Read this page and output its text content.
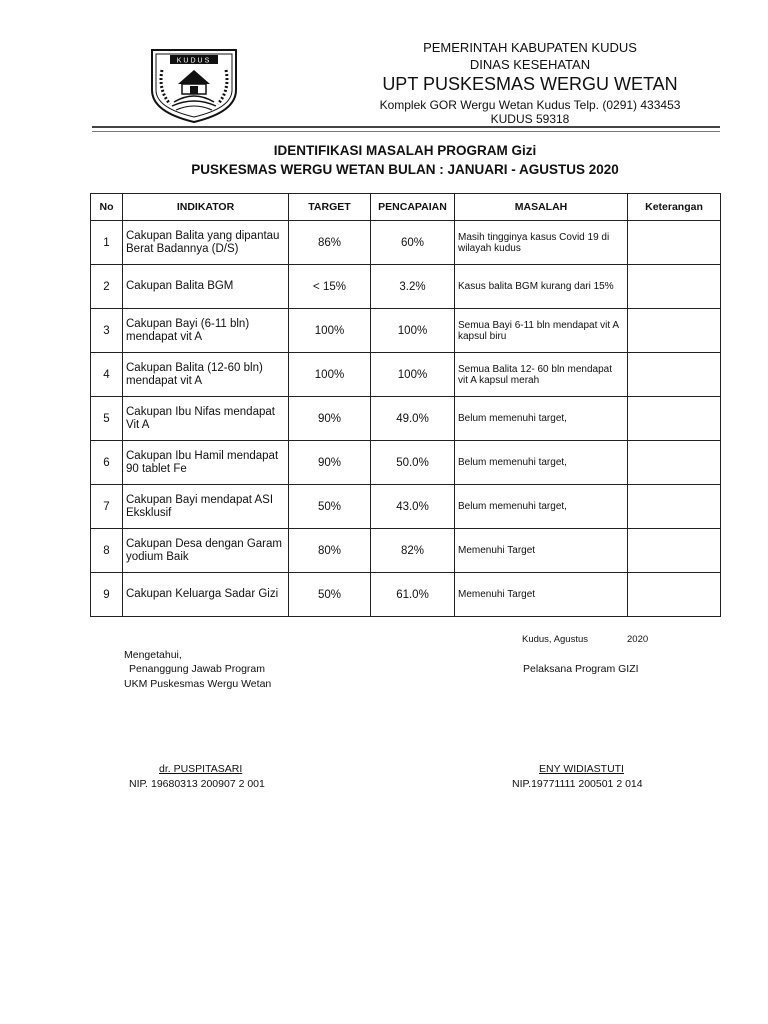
KUDUS
PEMERINTAH KABUPATEN KUDUS
DINAS KESEHATAN
UPT PUSKESMAS WERGU WETAN
Komplek GOR Wergu Wetan Kudus Telp. (0291) 433453
KUDUS 59318
IDENTIFIKASI MASALAH PROGRAM Gizi
PUSKESMAS WERGU WETAN BULAN : JANUARI - AGUSTUS 2020
No	INDIKATOR	TARGET	PENCAPAIAN	MASALAH	Keterangan
1	Cakupan Balita yang dipantau Berat Badannya (D/S)	86%	60%	Masih tingginya kasus Covid 19 di wilayah kudus	
2	Cakupan Balita BGM	< 15%	3.2%	Kasus balita BGM kurang dari 15%	
3	Cakupan Bayi (6-11 bln) mendapat vit A	100%	100%	Semua Bayi 6-11 bln mendapat vit A kapsul biru	
4	Cakupan Balita (12-60 bln) mendapat vit A	100%	100%	Semua Balita 12- 60 bln mendapat vit A kapsul merah	
5	Cakupan Ibu Nifas mendapat Vit A	90%	49.0%	Belum memenuhi target,	
6	Cakupan Ibu Hamil mendapat 90 tablet Fe	90%	50.0%	Belum memenuhi target,	
7	Cakupan Bayi mendapat ASI Eksklusif	50%	43.0%	Belum memenuhi target,	
8	Cakupan Desa dengan Garam yodium Baik	80%	82%	Memenuhi Target	
9	Cakupan Keluarga Sadar Gizi	50%	61.0%	Memenuhi Target	
Kudus, Agustus	2020
Mengetahui,
Penanggung Jawab Program
UKM Puskesmas Wergu Wetan
Pelaksana Program GIZI
dr. PUSPITASARI
NIP. 19680313 200907 2 001
ENY WIDIASTUTI
NIP.19771111 200501 2 014
